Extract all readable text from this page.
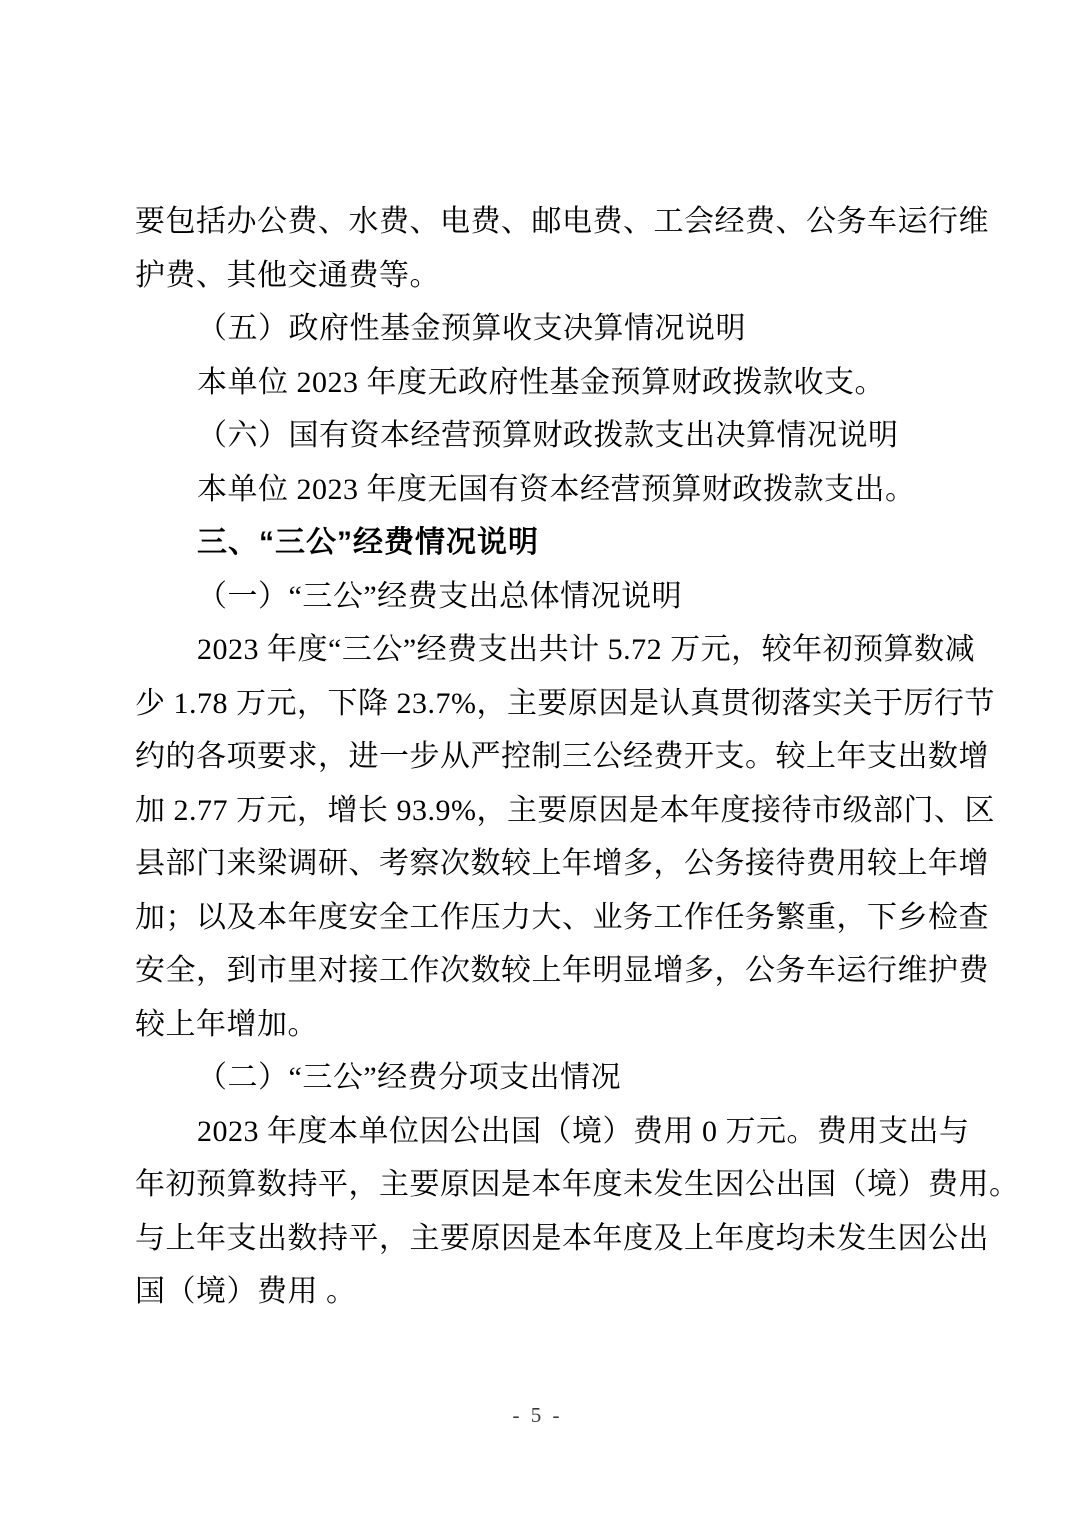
要包括办公费、水费、电费、邮电费、工会经费、公务车运行维
护费、其他交通费等。
（五）政府性基金预算收支决算情况说明
本单位 2023 年度无政府性基金预算财政拨款收支。
（六）国有资本经营预算财政拨款支出决算情况说明
本单位 2023 年度无国有资本经营预算财政拨款支出。
三、“三公”经费情况说明
（一）“三公”经费支出总体情况说明
2023 年度“三公”经费支出共计 5.72 万元，较年初预算数减
少 1.78 万元，下降 23.7%，主要原因是认真贯彻落实关于厉行节
约的各项要求，进一步从严控制三公经费开支。较上年支出数增
加 2.77 万元，增长 93.9%，主要原因是本年度接待市级部门、区
县部门来梁调研、考察次数较上年增多，公务接待费用较上年增
加；以及本年度安全工作压力大、业务工作任务繁重，下乡检查
安全，到市里对接工作次数较上年明显增多，公务车运行维护费
较上年增加。
（二）“三公”经费分项支出情况
2023 年度本单位因公出国（境）费用 0 万元。费用支出与
年初预算数持平，主要原因是本年度未发生因公出国（境）费用。
与上年支出数持平，主要原因是本年度及上年度均未发生因公出
国（境）费用 。
- 5 -
